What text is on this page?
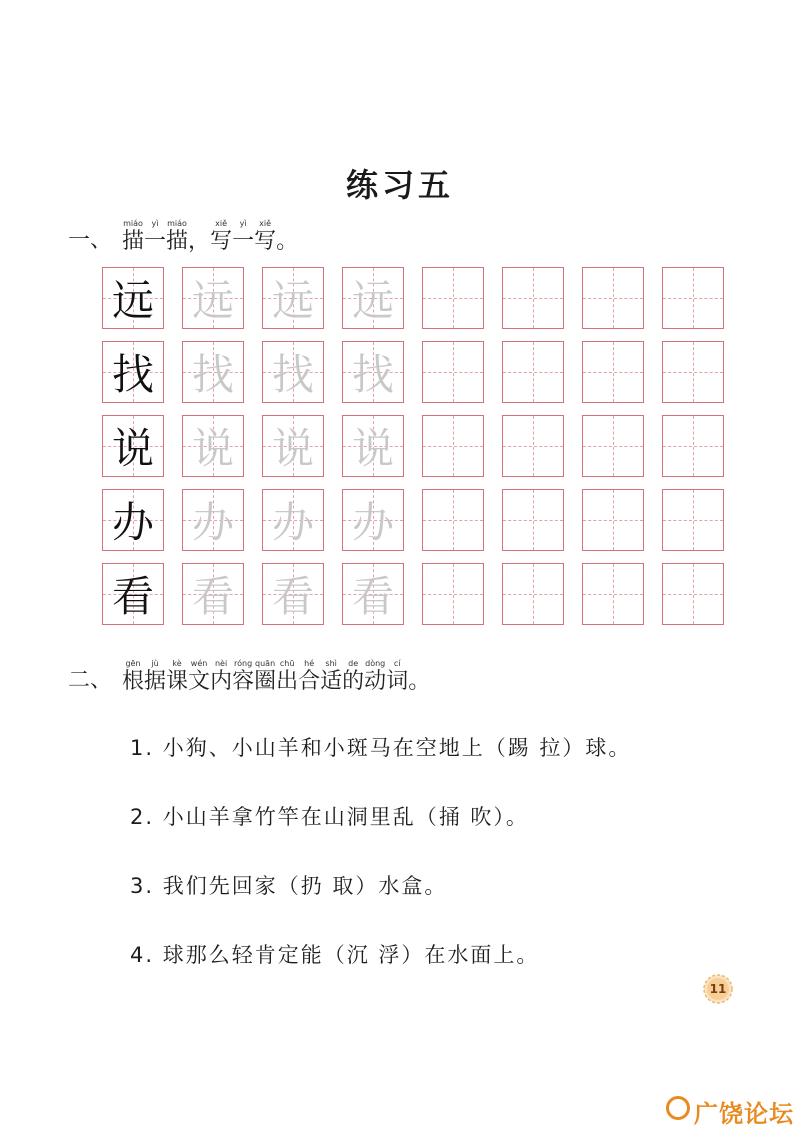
练习五
一、
miáo
描
yì
一
miáo
描 ，
xiě
写
yì
一
xiě
写 。
远 远 远 远
找 找 找 找
说 说 说 说
办 办 办 办
看 看 看 看
二、
gēn
根
jù
据
kè
课
wén
文
nèi
内
róng
容
quān
圈
chū
出
hé
合
shì
适
de
的
dòng
动
cí
词 。
1. 小狗、小山羊和小斑马在空地上（踢 拉）球。
2. 小山羊拿竹竿在山洞里乱（捅 吹）。
3. 我们先回家（扔 取）水盒。
4. 球那么轻肯定能（沉 浮）在水面上。
11
广饶论坛
